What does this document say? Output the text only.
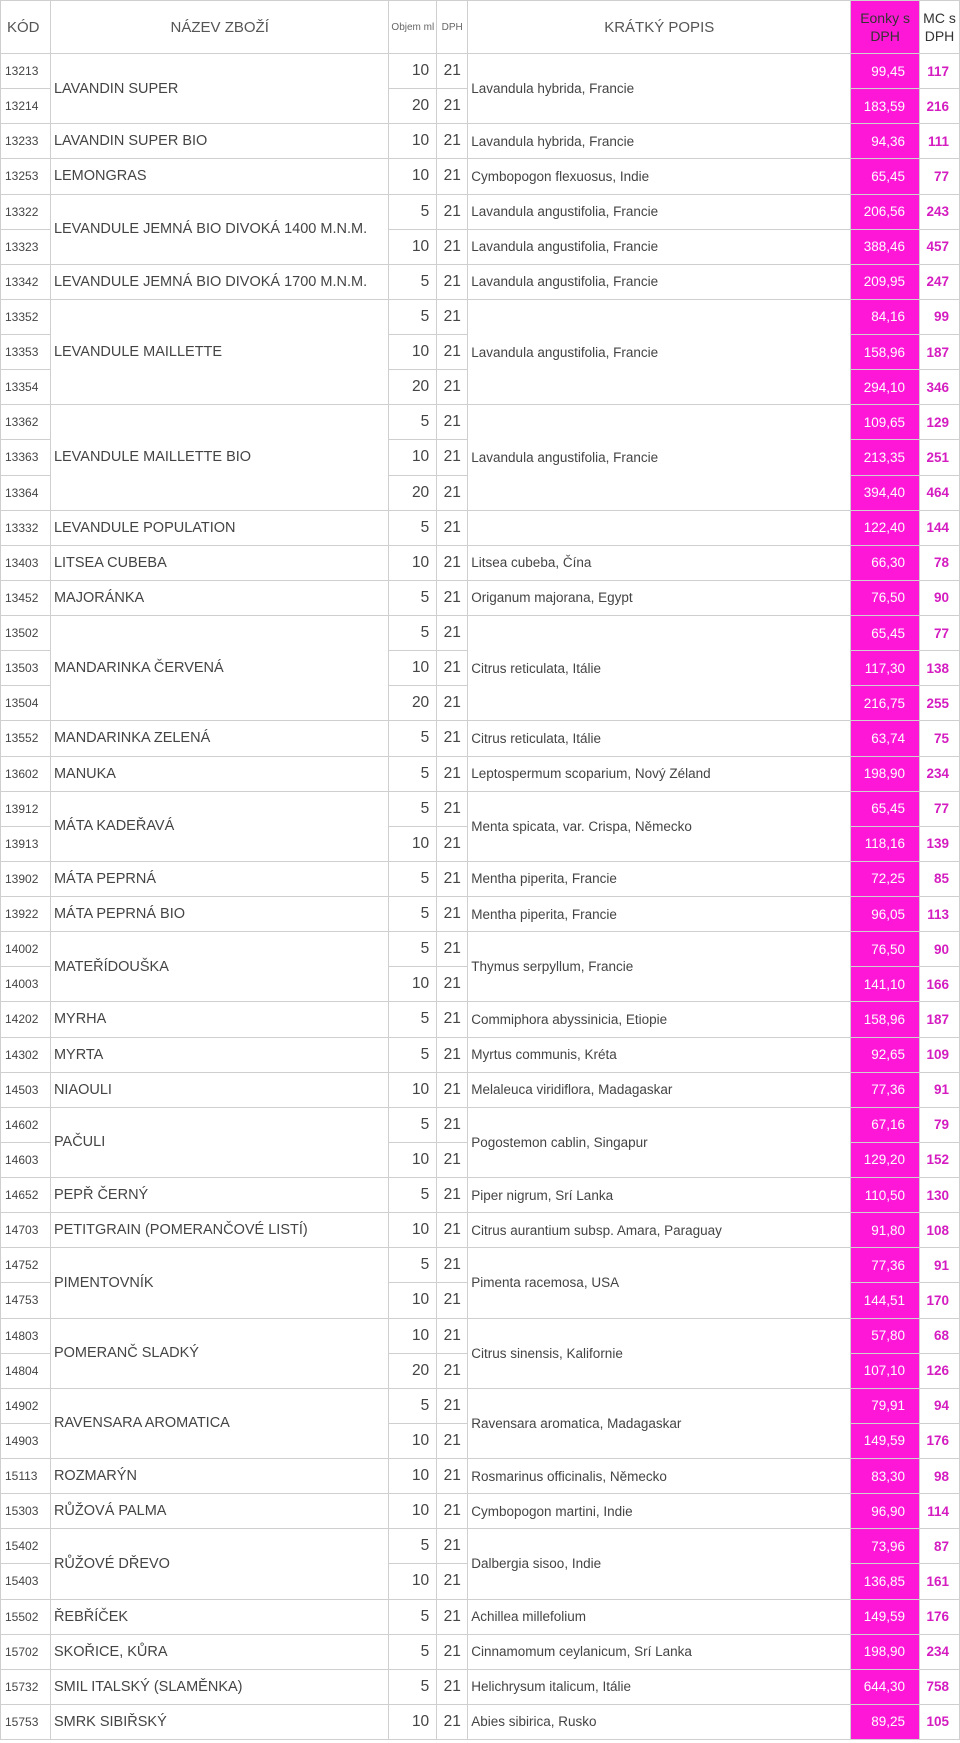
KÓD	NÁZEV ZBOŽÍ	Objem ml	DPH	KRÁTKÝ POPIS	Eonky s DPH	MC s DPH
13213	LAVANDIN SUPER	10	21	Lavandula hybrida, Francie	99,45	117
13214		20	21		183,59	216
13233	LAVANDIN SUPER BIO	10	21	Lavandula hybrida, Francie	94,36	111
13253	LEMONGRAS	10	21	Cymbopogon flexuosus, Indie	65,45	77
13322	LEVANDULE JEMNÁ BIO DIVOKÁ 1400 M.N.M.	5	21	Lavandula angustifolia, Francie	206,56	243
13323		10	21	Lavandula angustifolia, Francie	388,46	457
13342	LEVANDULE JEMNÁ BIO DIVOKÁ 1700 M.N.M.	5	21	Lavandula angustifolia, Francie	209,95	247
13352	LEVANDULE MAILLETTE	5	21	Lavandula angustifolia, Francie	84,16	99
13353		10	21		158,96	187
13354		20	21		294,10	346
13362	LEVANDULE MAILLETTE BIO	5	21	Lavandula angustifolia, Francie	109,65	129
13363		10	21		213,35	251
13364		20	21		394,40	464
13332	LEVANDULE POPULATION	5	21		122,40	144
13403	LITSEA CUBEBA	10	21	Litsea cubeba, Čína	66,30	78
13452	MAJORÁNKA	5	21	Origanum majorana, Egypt	76,50	90
13502	MANDARINKA ČERVENÁ	5	21	Citrus reticulata, Itálie	65,45	77
13503		10	21		117,30	138
13504		20	21		216,75	255
13552	MANDARINKA ZELENÁ	5	21	Citrus reticulata, Itálie	63,74	75
13602	MANUKA	5	21	Leptospermum scoparium, Nový Zéland	198,90	234
13912	MÁTA KADEŘAVÁ	5	21	Menta spicata, var. Crispa, Německo	65,45	77
13913		10	21		118,16	139
13902	MÁTA PEPRNÁ	5	21	Mentha piperita, Francie	72,25	85
13922	MÁTA PEPRNÁ BIO	5	21	Mentha piperita, Francie	96,05	113
14002	MATEŘÍDOUŠKA	5	21	Thymus serpyllum, Francie	76,50	90
14003		10	21		141,10	166
14202	MYRHA	5	21	Commiphora abyssinicia, Etiopie	158,96	187
14302	MYRTA	5	21	Myrtus communis, Kréta	92,65	109
14503	NIAOULI	10	21	Melaleuca viridiflora, Madagaskar	77,36	91
14602	PAČULI	5	21	Pogostemon cablin, Singapur	67,16	79
14603		10	21		129,20	152
14652	PEPŘ ČERNÝ	5	21	Piper nigrum, Srí Lanka	110,50	130
14703	PETITGRAIN (POMERANČOVÉ LISTÍ)	10	21	Citrus aurantium subsp. Amara, Paraguay	91,80	108
14752	PIMENTOVNÍK	5	21	Pimenta racemosa, USA	77,36	91
14753		10	21		144,51	170
14803	POMERANČ SLADKÝ	10	21	Citrus sinensis, Kalifornie	57,80	68
14804		20	21		107,10	126
14902	RAVENSARA AROMATICA	5	21	Ravensara aromatica, Madagaskar	79,91	94
14903		10	21		149,59	176
15113	ROZMARÝN	10	21	Rosmarinus officinalis, Německo	83,30	98
15303	RŮŽOVÁ PALMA	10	21	Cymbopogon martini, Indie	96,90	114
15402	RŮŽOVÉ DŘEVO	5	21	Dalbergia sisoo, Indie	73,96	87
15403		10	21		136,85	161
15502	ŘEBŘÍČEK	5	21	Achillea millefolium	149,59	176
15702	SKOŘICE, KŮRA	5	21	Cinnamomum ceylanicum, Srí Lanka	198,90	234
15732	SMIL ITALSKÝ (SLAMĚNKA)	5	21	Helichrysum italicum, Itálie	644,30	758
15753	SMRK SIBIŘSKÝ	10	21	Abies sibirica, Rusko	89,25	105
